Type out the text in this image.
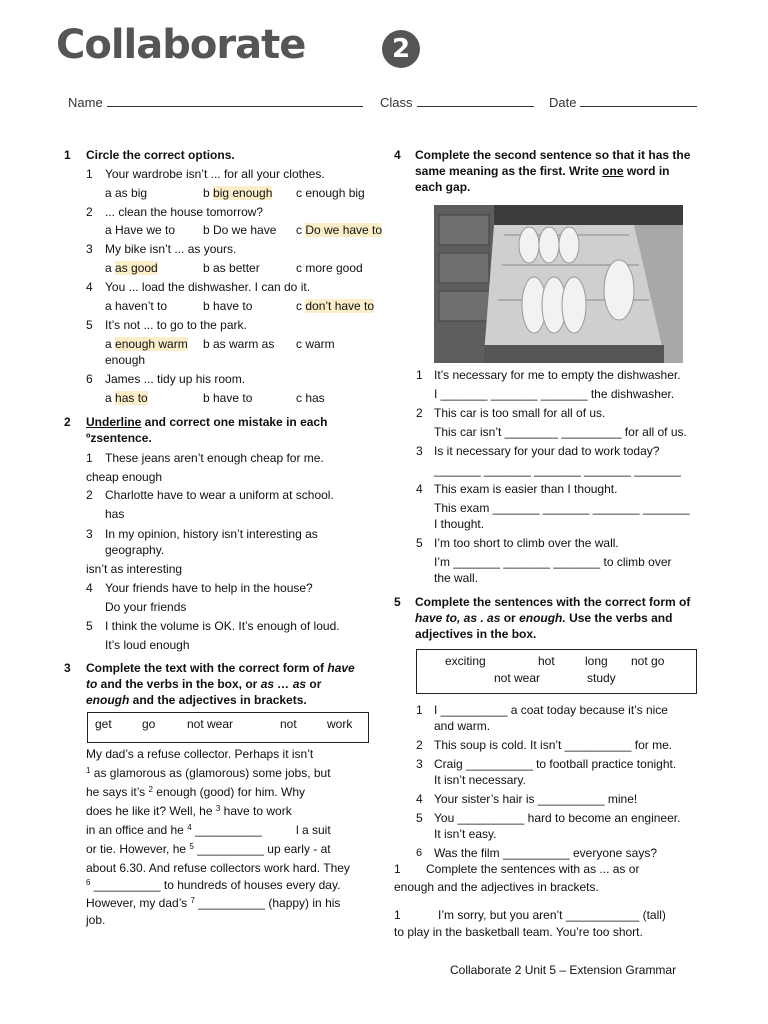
Collaborate	2
Name	Class	Date
1 Circle the correct options.
1 Your wardrobe isn’t ... for all your clothes.
a as big	b big enough c enough big
2 ... clean the house tomorrow?
a Have we to b Do we have c Do we have to
3 My bike isn’t ... as yours.
a as good	b as better	c more good
4 You ... load the dishwasher. I can do it.
a haven’t to	b have to	c don’t have to
5 It’s not ... to go to the park.
a enough warm
enough
b as warm as c warm
6 James ... tidy up his room.
a has to	b have to	c has
2 Underline and correct one mistake in each
ºzsentence.
1 These jeans aren’t enough cheap for me.
cheap enough
2 Charlotte have to wear a uniform at school.
has
3 In my opinion, history isn’t interesting as
geography.
isn’t as interesting
4 Your friends have to help in the house?
Do your friends
5 I think the volume is OK. It’s enough of loud.
It’s loud enough
3 Complete the text with the correct form of have
to and the verbs in the box, or as … as or
enough and the adjectives in brackets.
get	go	not wear	not	work
My dad’s a refuse collector. Perhaps it isn’t
$^1$ as glamorous as (glamorous) some jobs, but
he says it’s $^2$ enough (good) for him. Why
does he like it? Well, he $^3$ have to work
in an office and he $^4$ __________	l a suit
or tie. However, he $^5$ __________ up early - at
about 6.30. And refuse collectors work hard. They
$^6$ __________ to hundreds of houses every day.
However, my dad’s $^7$ __________ (happy) in his
job.
4 Complete the second sentence so that it has the
same meaning as the first. Write one word in
each gap.
1 It’s necessary for me to empty the dishwasher.
I _______ _______ _______ the dishwasher.
2 This car is too small for all of us.
This car isn’t ________ _________ for all of us.
3 Is it necessary for your dad to work today?
_______ _______ _______ _______ _______
4 This exam is easier than I thought.
This exam _______ _______ _______ _______
I thought.
5 I’m too short to climb over the wall.
I’m _______ _______ _______ to climb over
the wall.
5 Complete the sentences with the correct form of
have to, as . as or enough. Use the verbs and
adjectives in the box.
exciting	hot	long not go
not wear	study
1 I __________ a coat today because it’s nice
and warm.
2 This soup is cold. It isn’t __________ for me.
3 Craig __________ to football practice tonight.
It isn’t necessary.
4 Your sister’s hair is __________ mine!
5 You __________ hard to become an engineer.
It isn’t easy.
6 Was the film __________ everyone says?
1 Complete the sentences with as ... as or
enough and the adjectives in brackets.
1	I’m sorry, but you aren’t ___________ (tall)
to play in the basketball team. You’re too short.
Collaborate 2 Unit 5 – Extension Grammar
